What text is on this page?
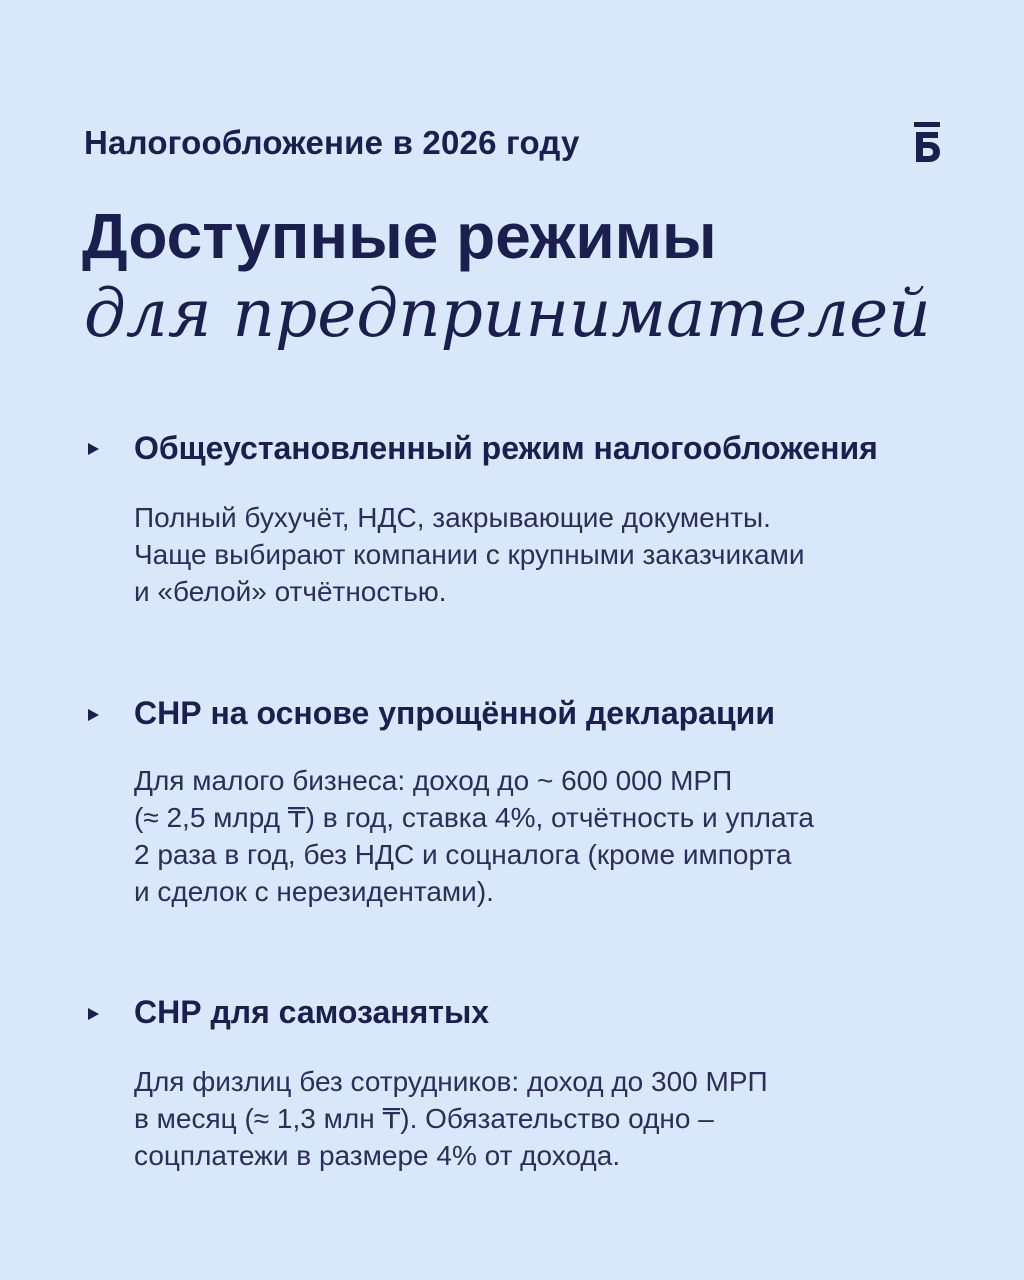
Налогообложение в 2026 году
Доступные режимы
для предпринимателей
Общеустановленный режим налогообложения
Полный бухучёт, НДС, закрывающие документы.
Чаще выбирают компании с крупными заказчиками
и «белой» отчётностью.
СНР на основе упрощённой декларации
Для малого бизнеса: доход до ~ 600 000 МРП
(≈ 2,5 млрд ₸) в год, ставка 4%, отчётность и уплата
2 раза в год, без НДС и соцналога (кроме импорта
и сделок с нерезидентами).
СНР для самозанятых
Для физлиц без сотрудников: доход до 300 МРП
в месяц (≈ 1,3 млн ₸). Обязательство одно –
соцплатежи в размере 4% от дохода.
